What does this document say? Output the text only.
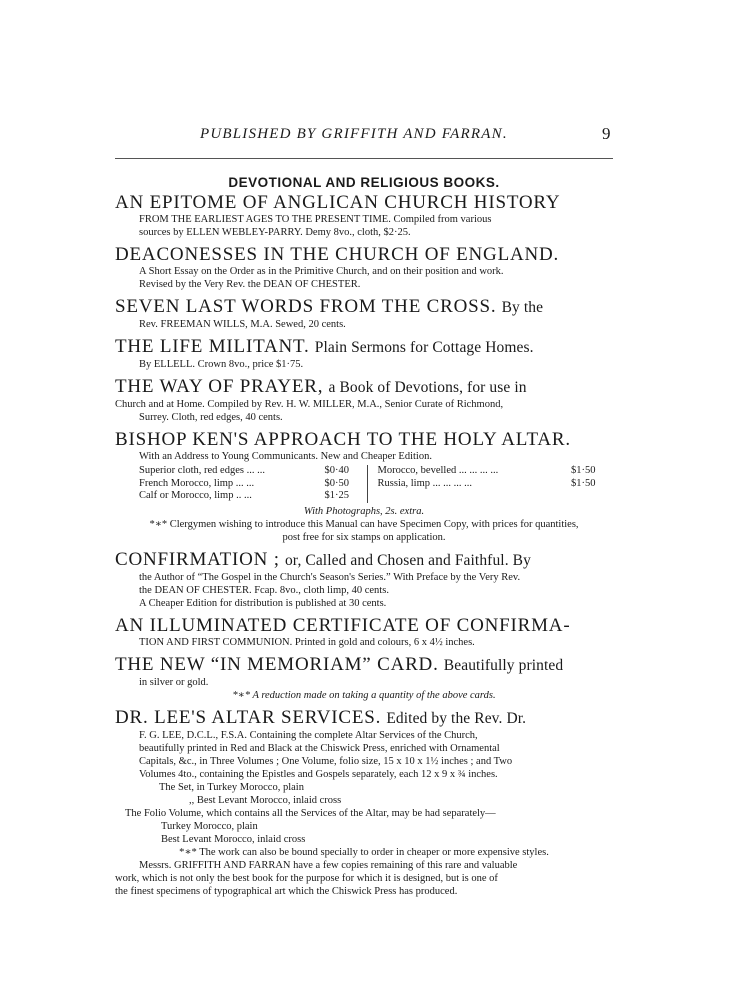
PUBLISHED BY GRIFFITH AND FARRAN.	9
DEVOTIONAL AND RELIGIOUS BOOKS.
AN EPITOME OF ANGLICAN CHURCH HISTORY
FROM THE EARLIEST AGES TO THE PRESENT TIME. Compiled from various
sources by ELLEN WEBLEY-PARRY. Demy 8vo., cloth, $2·25.
DEACONESSES IN THE CHURCH OF ENGLAND.
A Short Essay on the Order as in the Primitive Church, and on their position and work.
Revised by the Very Rev. the DEAN OF CHESTER.
SEVEN LAST WORDS FROM THE CROSS. By the
Rev. FREEMAN WILLS, M.A. Sewed, 20 cents.
THE LIFE MILITANT. Plain Sermons for Cottage Homes.
By ELLELL. Crown 8vo., price $1·75.
THE WAY OF PRAYER, a Book of Devotions, for use in
Church and at Home. Compiled by Rev. H. W. MILLER, M.A., Senior Curate of Richmond,
Surrey. Cloth, red edges, 40 cents.
BISHOP KEN'S APPROACH TO THE HOLY ALTAR.
With an Address to Young Communicants. New and Cheaper Edition.
Superior cloth, red edges ... ...	$0·40
French Morocco, limp ... ...	$0·50
Calf or Morocco, limp .. ...	$1·25
Morocco, bevelled ... ... ... ...	$1·50
Russia, limp ... ... ... ...	$1·50
With Photographs, 2s. extra.
*∗* Clergymen wishing to introduce this Manual can have Specimen Copy, with prices for quantities,
post free for six stamps on application.
CONFIRMATION ; or, Called and Chosen and Faithful. By
the Author of “The Gospel in the Church's Season's Series.” With Preface by the Very Rev.
the DEAN OF CHESTER. Fcap. 8vo., cloth limp, 40 cents.
A Cheaper Edition for distribution is published at 30 cents.
AN ILLUMINATED CERTIFICATE OF CONFIRMA-
TION AND FIRST COMMUNION. Printed in gold and colours, 6 x 4½ inches.
THE NEW “IN MEMORIAM” CARD. Beautifully printed
in silver or gold.
*∗* A reduction made on taking a quantity of the above cards.
DR. LEE'S ALTAR SERVICES. Edited by the Rev. Dr.
F. G. LEE, D.C.L., F.S.A. Containing the complete Altar Services of the Church,
beautifully printed in Red and Black at the Chiswick Press, enriched with Ornamental
Capitals, &c., in Three Volumes ; One Volume, folio size, 15 x 10 x 1½ inches ; and Two
Volumes 4to., containing the Epistles and Gospels separately, each 12 x 9 x ¾ inches.
The Set, in Turkey Morocco, plain
,, Best Levant Morocco, inlaid cross
The Folio Volume, which contains all the Services of the Altar, may be had separately—
Turkey Morocco, plain
Best Levant Morocco, inlaid cross
*∗* The work can also be bound specially to order in cheaper or more expensive styles.
Messrs. GRIFFITH AND FARRAN have a few copies remaining of this rare and valuable
work, which is not only the best book for the purpose for which it is designed, but is one of
the finest specimens of typographical art which the Chiswick Press has produced.
